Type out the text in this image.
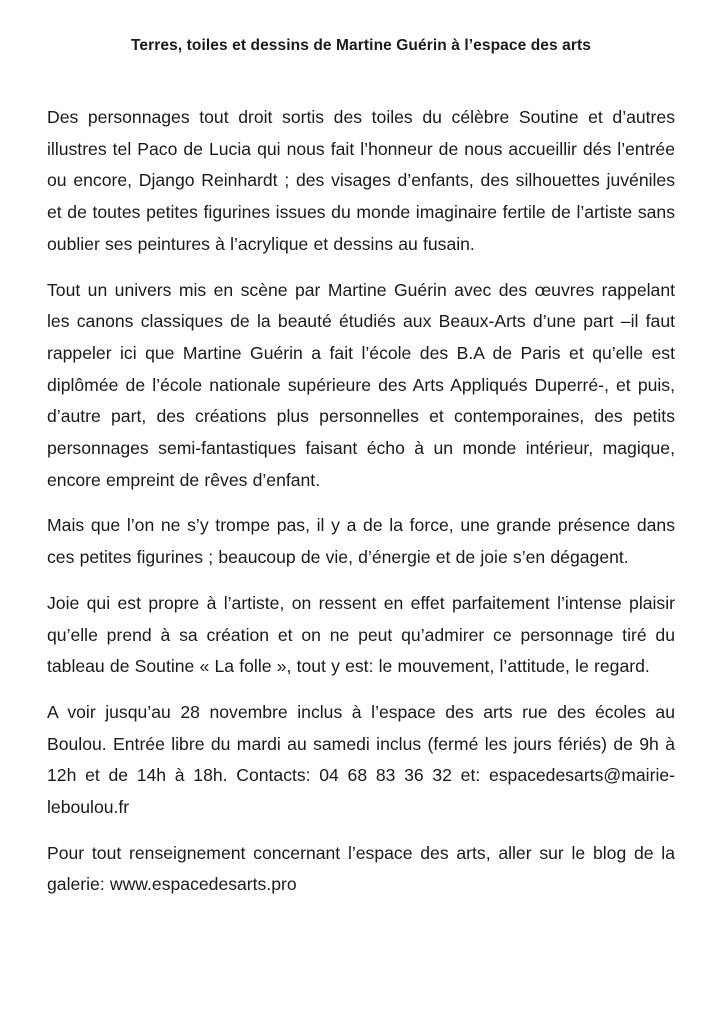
Terres, toiles et dessins de Martine Guérin à l’espace des arts

Des personnages tout droit sortis des toiles du célèbre Soutine et d’autres illustres tel Paco de Lucia qui nous fait l’honneur de nous accueillir dés l’entrée ou encore, Django Reinhardt ; des visages d’enfants, des silhouettes juvéniles et de toutes petites figurines issues du monde imaginaire fertile de l’artiste sans oublier ses peintures à l’acrylique et dessins au fusain.

Tout un univers mis en scène par Martine Guérin avec des œuvres rappelant les canons classiques de la beauté étudiés aux Beaux-Arts d’une part –il faut rappeler ici que Martine Guérin a fait l’école des B.A de Paris et qu’elle est diplômée de l’école nationale supérieure des Arts Appliqués Duperré-, et puis, d’autre part, des créations plus personnelles et contemporaines, des petits personnages semi-fantastiques faisant écho à un monde intérieur, magique, encore empreint de rêves d’enfant.

Mais que l’on ne s’y trompe pas, il y a de la force, une grande présence dans ces petites figurines ; beaucoup de vie, d’énergie et de joie s’en dégagent.

Joie qui est propre à l’artiste, on ressent en effet parfaitement l’intense plaisir qu’elle prend à sa création et on ne peut qu’admirer ce personnage tiré du tableau de Soutine « La folle », tout y est: le mouvement, l’attitude, le regard.

A voir jusqu’au 28 novembre inclus à l’espace des arts rue des écoles au Boulou. Entrée libre du mardi au samedi inclus (fermé les jours fériés) de 9h à 12h et de 14h à 18h. Contacts: 04 68 83 36 32 et: espacedesarts@mairie-leboulou.fr

Pour tout renseignement concernant l’espace des arts, aller sur le blog de la galerie: www.espacedesarts.pro
